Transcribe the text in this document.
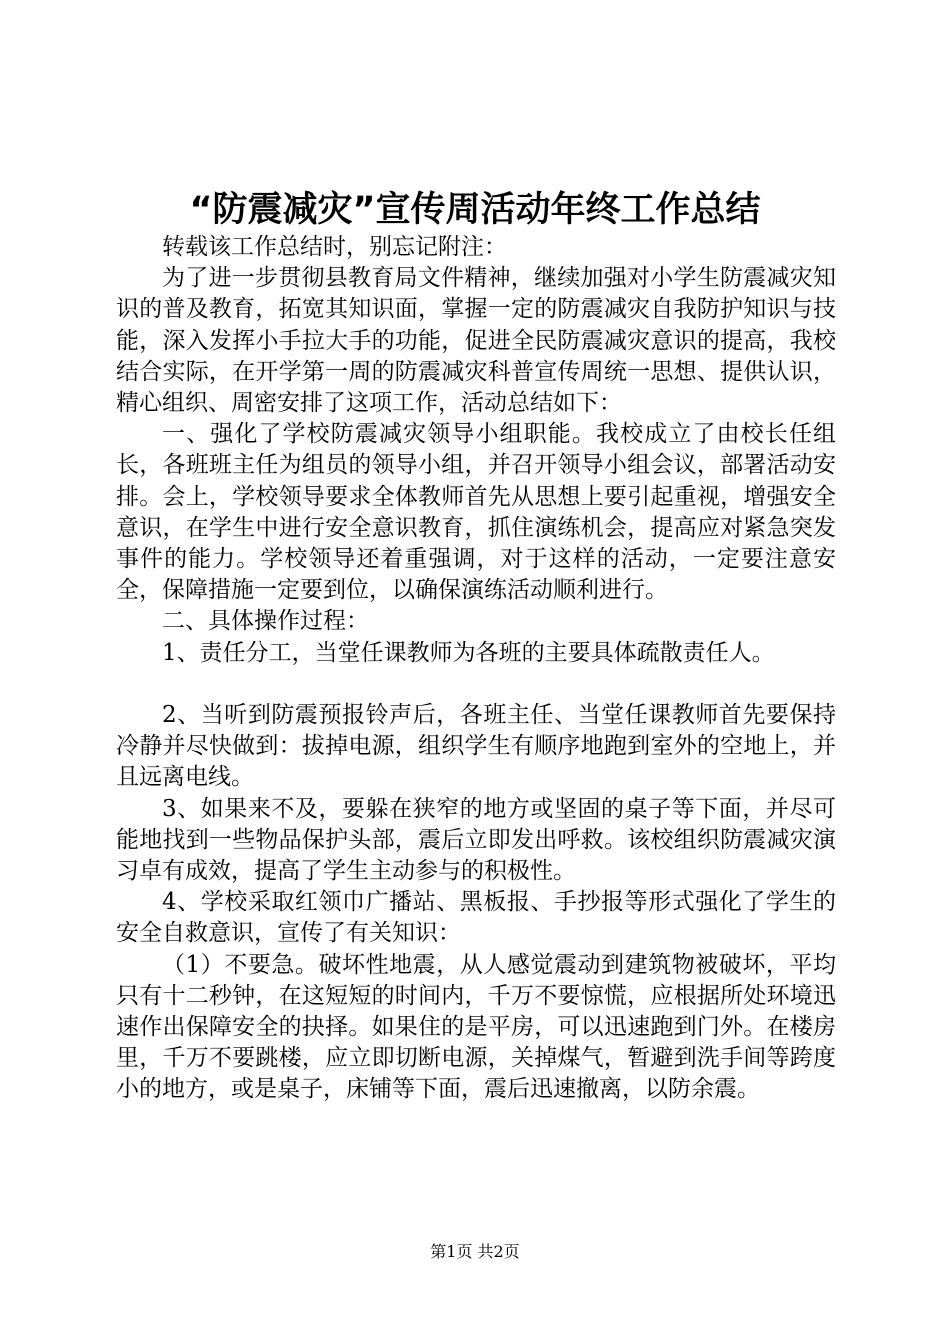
“防震减灾”宣传周活动年终工作总结

转载该工作总结时，别忘记附注：

为了进一步贯彻县教育局文件精神，继续加强对小学生防震减灾知识的普及教育，拓宽其知识面，掌握一定的防震减灾自我防护知识与技能，深入发挥小手拉大手的功能，促进全民防震减灾意识的提高，我校结合实际，在开学第一周的防震减灾科普宣传周统一思想、提供认识，精心组织、周密安排了这项工作，活动总结如下：

一、强化了学校防震减灾领导小组职能。我校成立了由校长任组长，各班班主任为组员的领导小组，并召开领导小组会议，部署活动安排。会上，学校领导要求全体教师首先从思想上要引起重视，增强安全意识，在学生中进行安全意识教育，抓住演练机会，提高应对紧急突发事件的能力。学校领导还着重强调，对于这样的活动，一定要注意安全，保障措施一定要到位，以确保演练活动顺利进行。

二、具体操作过程：

1、责任分工，当堂任课教师为各班的主要具体疏散责任人。

2、当听到防震预报铃声后，各班主任、当堂任课教师首先要保持冷静并尽快做到：拔掉电源，组织学生有顺序地跑到室外的空地上，并且远离电线。

3、如果来不及，要躲在狭窄的地方或坚固的桌子等下面，并尽可能地找到一些物品保护头部，震后立即发出呼救。该校组织防震减灾演习卓有成效，提高了学生主动参与的积极性。

4、学校采取红领巾广播站、黑板报、手抄报等形式强化了学生的安全自救意识，宣传了有关知识：

（1）不要急。破坏性地震，从人感觉震动到建筑物被破坏，平均只有十二秒钟，在这短短的时间内，千万不要惊慌，应根据所处环境迅速作出保障安全的抉择。如果住的是平房，可以迅速跑到门外。在楼房里，千万不要跳楼，应立即切断电源，关掉煤气，暂避到洗手间等跨度小的地方，或是桌子，床铺等下面，震后迅速撤离，以防余震。

第1页 共2页
